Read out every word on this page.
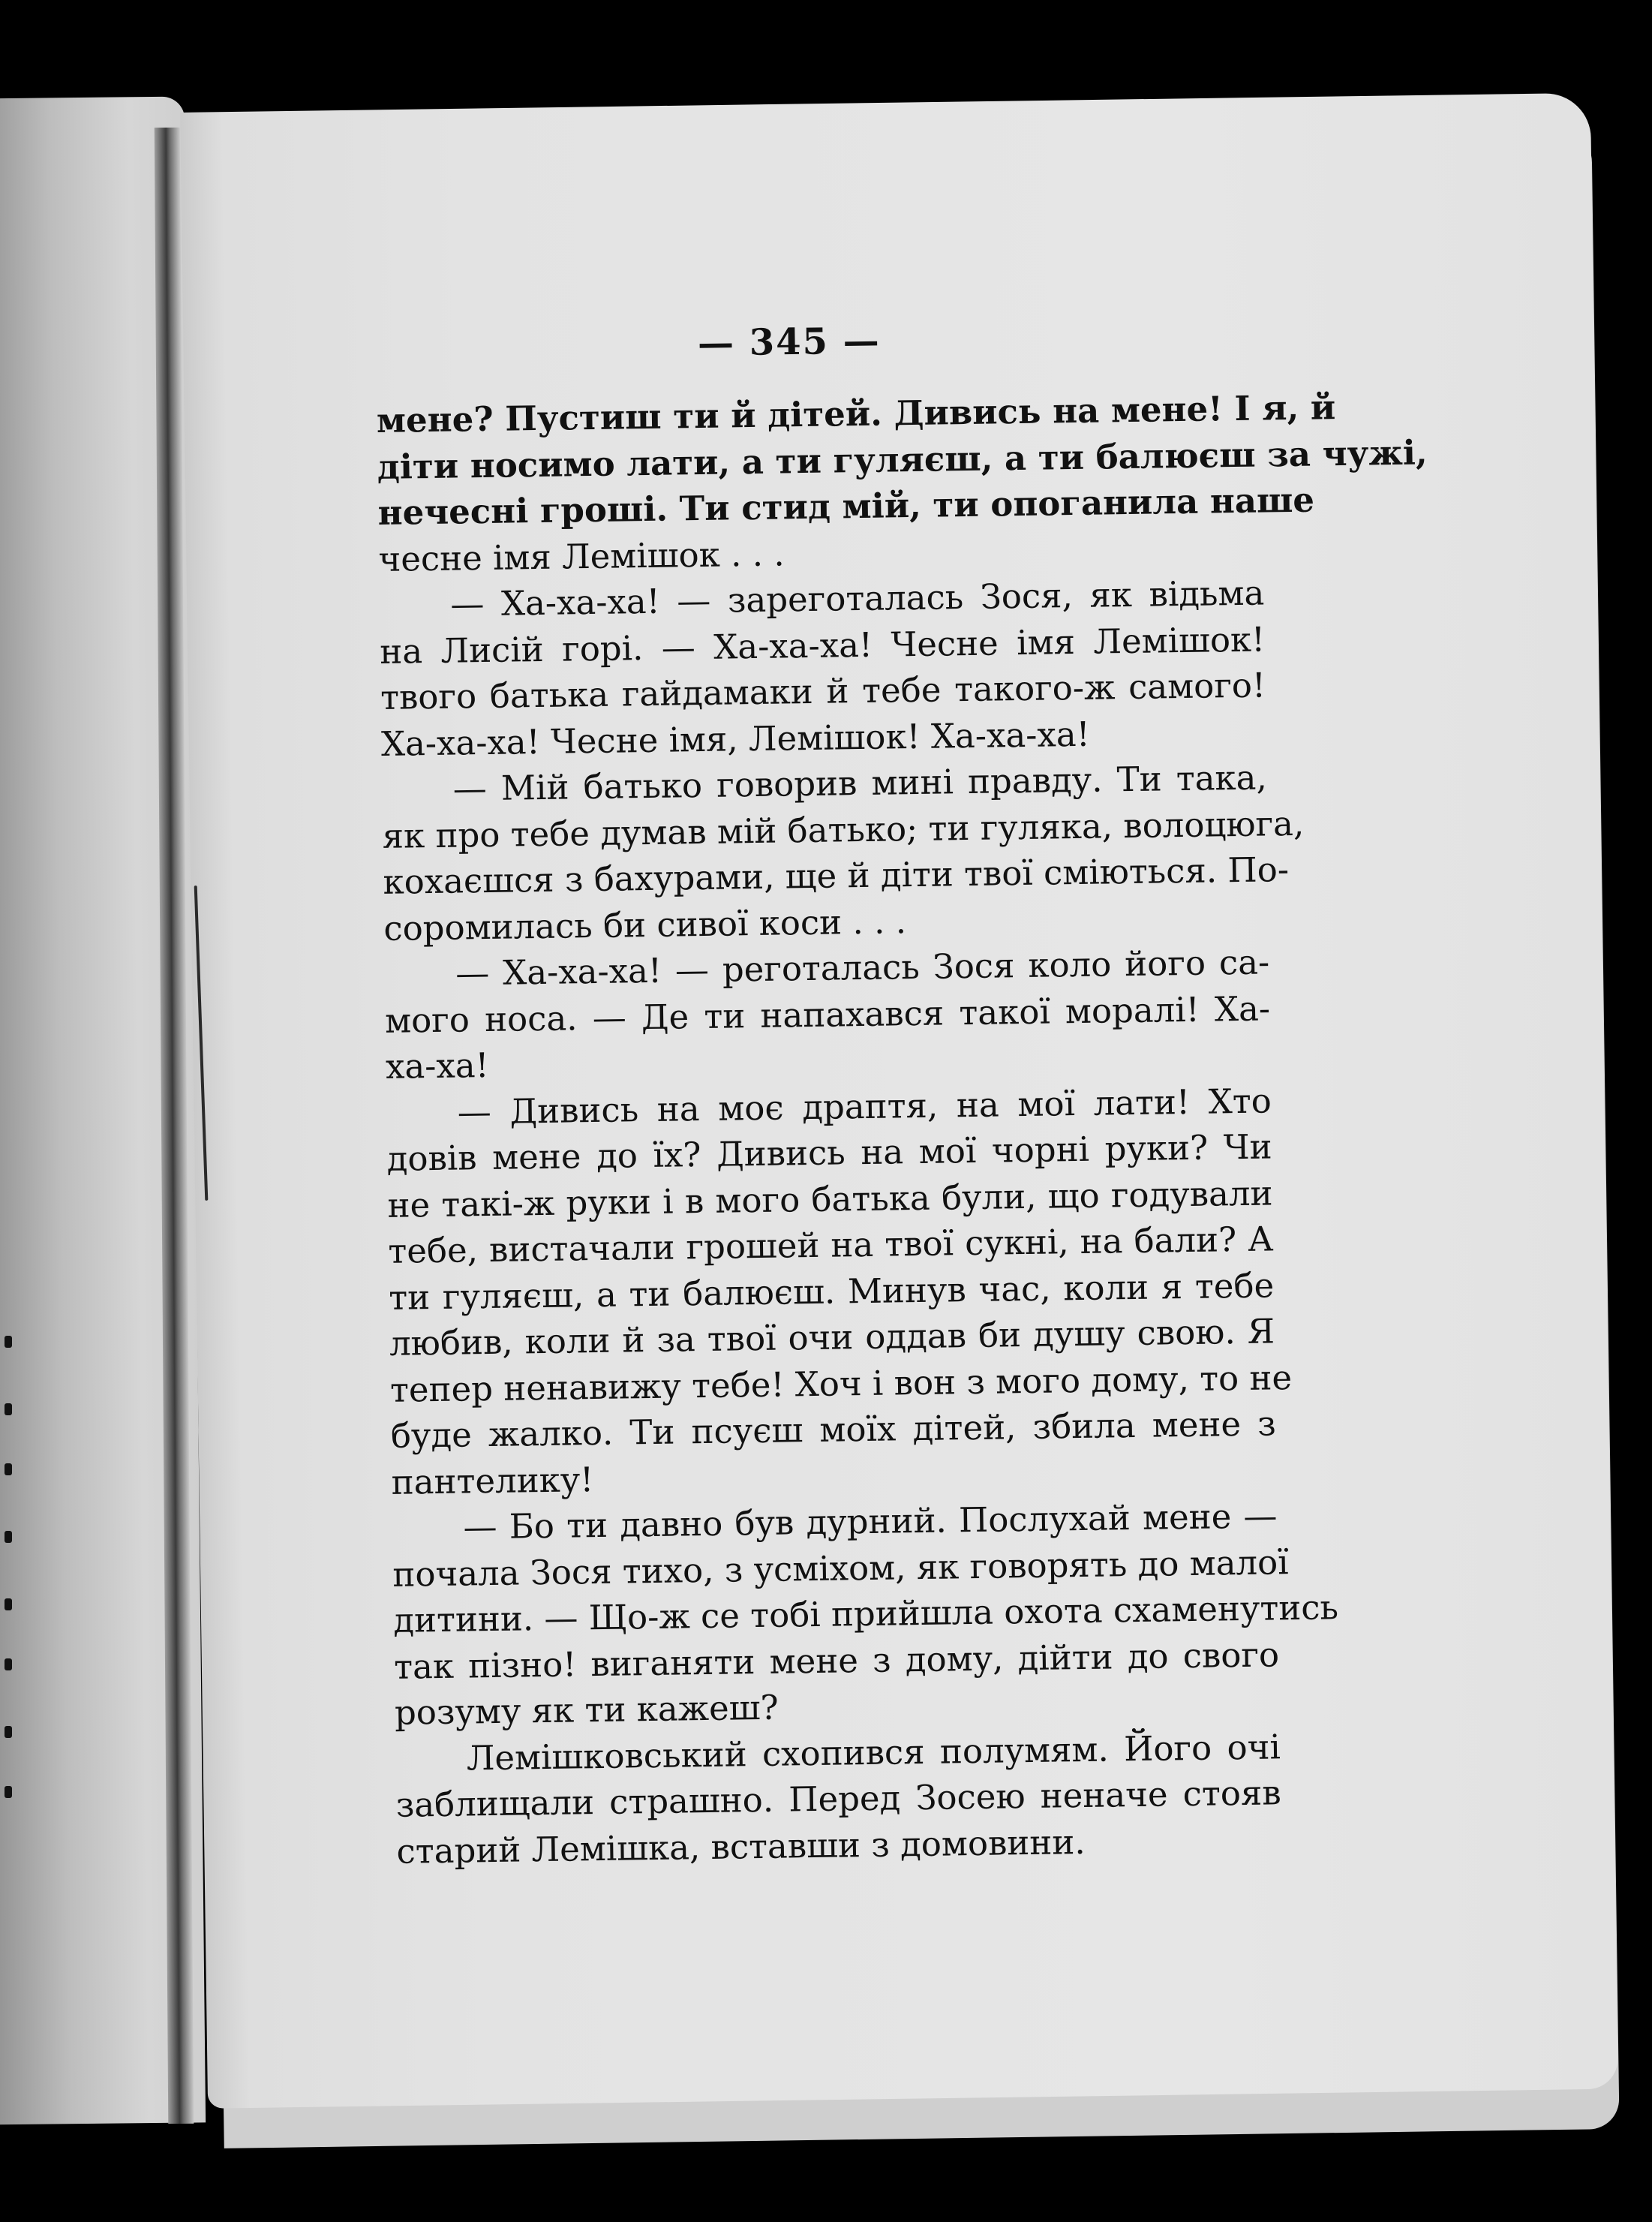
— 345 —
мене? Пустиш ти й дітей. Дивись на мене! І я, й
діти носимо лати, а ти гуляєш, а ти балюєш за чужі,
нечесні гроші. Ти стид мій, ти опоганила наше
чесне імя Лемішок . . .
— Ха-ха-ха! — зареготалась Зося, як відьма
на Лисій горі. — Ха-ха-ха! Чесне імя Лемішок!
твого батька гайдамаки й тебе такого-ж самого!
Ха-ха-ха! Чесне імя, Лемішок! Ха-ха-ха!
— Мій батько говорив мині правду. Ти така,
як про тебе думав мій батько; ти гуляка, волоцюга,
кохаєшся з бахурами, ще й діти твої сміються. По-
соромилась би сивої коси . . .
— Ха-ха-ха! — реготалась Зося коло його са-
мого носа. — Де ти напахався такої моралі! Ха-
ха-ха!
— Дивись на моє драптя, на мої лати! Хто
довів мене до їх? Дивись на мої чорні руки? Чи
не такі-ж руки і в мого батька були, що годували
тебе, вистачали грошей на твої сукні, на бали? А
ти гуляєш, а ти балюєш. Минув час, коли я тебе
любив, коли й за твої очи оддав би душу свою. Я
тепер ненавижу тебе! Хоч і вон з мого дому, то не
буде жалко. Ти псуєш моїх дітей, збила мене з
пантелику!
— Бо ти давно був дурний. Послухай мене —
почала Зося тихо, з усміхом, як говорять до малої
дитини. — Що-ж се тобі прийшла охота схаменутись
так пізно! виганяти мене з дому, дійти до свого
розуму як ти кажеш?
Лемішковський схопився полумям. Його очі
заблищали страшно. Перед Зосею неначе стояв
старий Лемішка, вставши з домовини.
